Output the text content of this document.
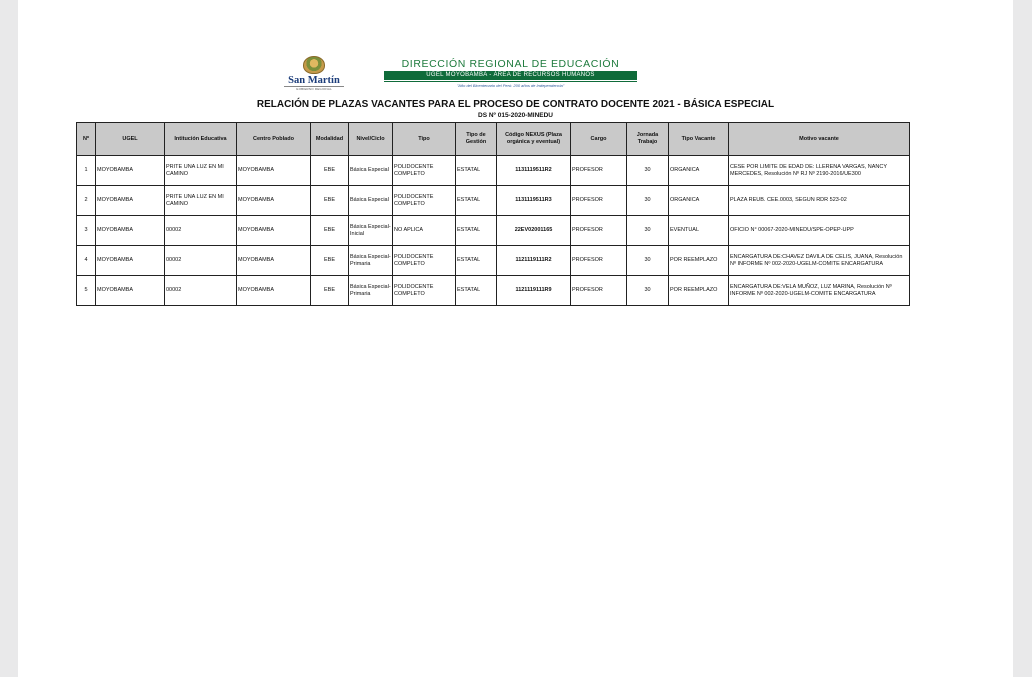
San Martín
GOBIERNO REGIONAL
DIRECCIÓN REGIONAL DE EDUCACIÓN
UGEL MOYOBAMBA - ÁREA DE RECURSOS HUMANOS
"Año del Bicentenario del Perú: 200 años de Independencia"
RELACIÓN DE PLAZAS VACANTES PARA EL PROCESO DE CONTRATO DOCENTE 2021 - BÁSICA ESPECIAL
DS Nº 015-2020-MINEDU
Nº	UGEL	Intitución Educativa	Centro Poblado	Modalidad	Nivel/Ciclo	Tipo	Tipo de Gestión	Código NEXUS (Plaza orgánica y eventual)	Cargo	Jornada Trabajo	Tipo Vacante	Motivo vacante
1	MOYOBAMBA	PRITE UNA LUZ EN MI CAMINO	MOYOBAMBA	EBE	Básica Especial	POLIDOCENTE COMPLETO	ESTATAL	1131119511R2	PROFESOR	30	ORGANICA	CESE POR LIMITE DE EDAD DE: LLERENA VARGAS, NANCY MERCEDES, Resolución Nº RJ Nº 2190-2016/UE300
2	MOYOBAMBA	PRITE UNA LUZ EN MI CAMINO	MOYOBAMBA	EBE	Básica Especial	POLIDOCENTE COMPLETO	ESTATAL	1131119511R3	PROFESOR	30	ORGANICA	PLAZA REUB. CEE.0003, SEGUN RDR 523-02
3	MOYOBAMBA	00002	MOYOBAMBA	EBE	Básica Especial-Inicial	NO APLICA	ESTATAL	22EV02001165	PROFESOR	30	EVENTUAL	OFICIO N° 00067-2020-MINEDU/SPE-OPEP-UPP
4	MOYOBAMBA	00002	MOYOBAMBA	EBE	Básica Especial-Primaria	POLIDOCENTE COMPLETO	ESTATAL	1121119111R2	PROFESOR	30	POR REEMPLAZO	ENCARGATURA DE:CHAVEZ DAVILA DE CELIS, JUANA, Resolución Nº INFORME Nº 002-2020-UGELM-COMITE ENCARGATURA
5	MOYOBAMBA	00002	MOYOBAMBA	EBE	Básica Especial-Primaria	POLIDOCENTE COMPLETO	ESTATAL	1121119111R9	PROFESOR	30	POR REEMPLAZO	ENCARGATURA DE:VELA MUÑOZ, LUZ MARINA, Resolución Nº INFORME Nº 002-2020-UGELM-COMITE ENCARGATURA
